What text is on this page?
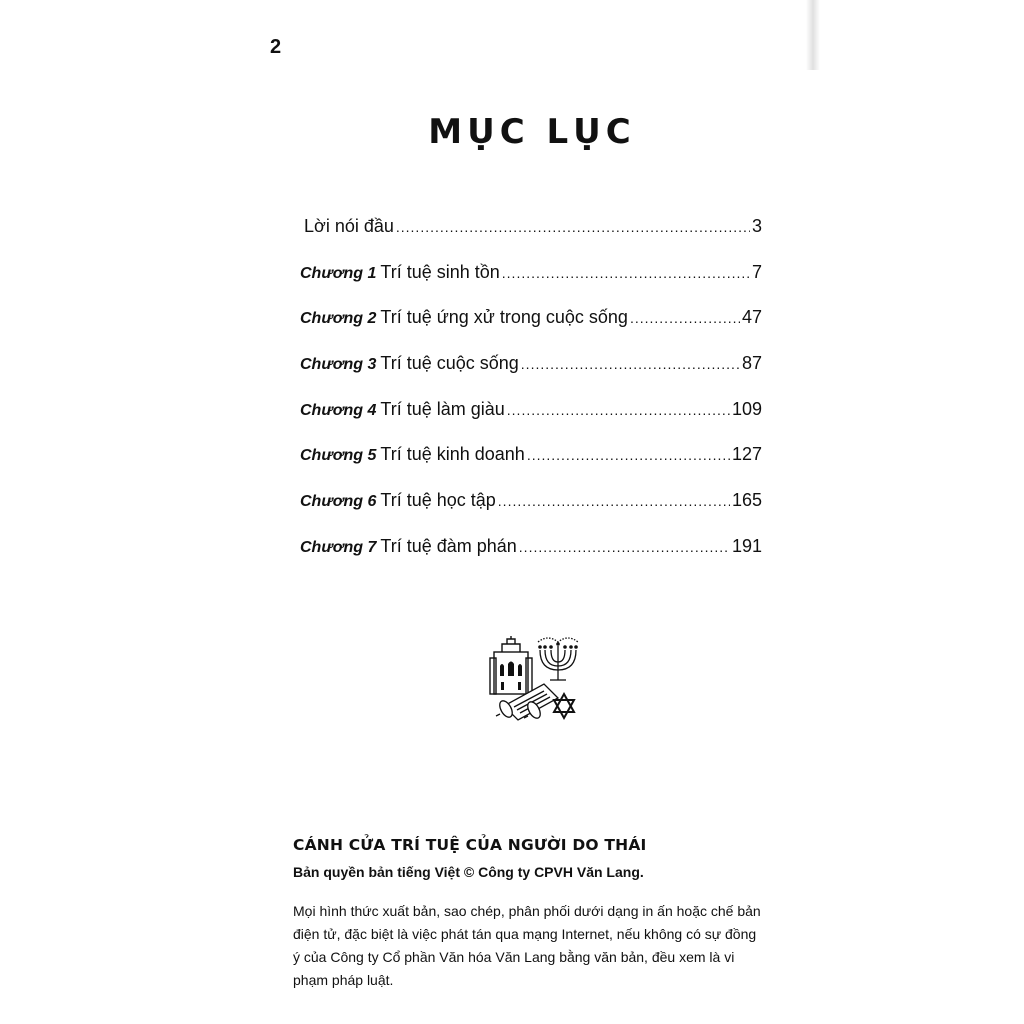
2
MỤC LỤC
Lời nói đầu .....	3
Chương 1 Trí tuệ sinh tồn .....	7
Chương 2 Trí tuệ ứng xử trong cuộc sống .....	47
Chương 3 Trí tuệ cuộc sống .....	87
Chương 4 Trí tuệ làm giàu .....	109
Chương 5 Trí tuệ kinh doanh .....	127
Chương 6 Trí tuệ học tập .....	165
Chương 7 Trí tuệ đàm phán .....	191
CÁNH CỬA TRÍ TUỆ CỦA NGƯỜI DO THÁI
Bản quyền bản tiếng Việt © Công ty CPVH Văn Lang.
Mọi hình thức xuất bản, sao chép, phân phối dưới dạng in ấn hoặc chế bản điện tử, đặc biệt là việc phát tán qua mạng Internet, nếu không có sự đồng ý của Công ty Cổ phần Văn hóa Văn Lang bằng văn bản, đều xem là vi phạm pháp luật.
